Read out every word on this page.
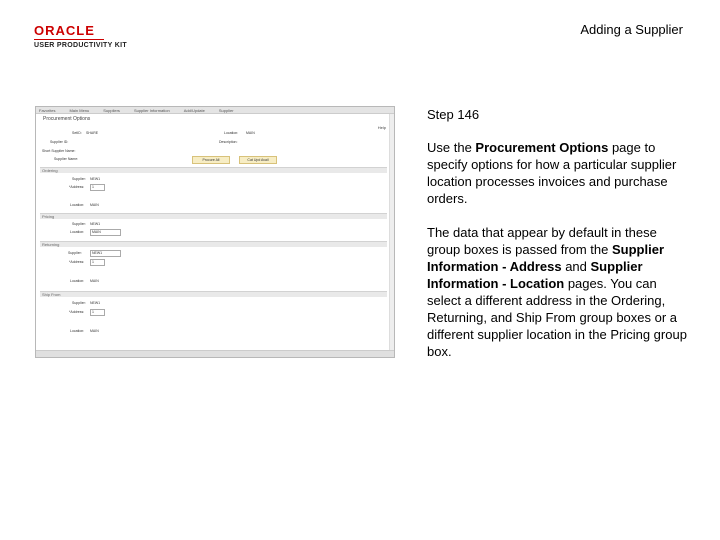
ORACLE
USER PRODUCTIVITY KIT
Adding a Supplier
Favorites	Main Menu	Suppliers	Supplier Information	Add/Update	Supplier
Procurement Options
Help
SetID: SHARE	Location: MAIN
Supplier ID:	Description:
Short Supplier Name:
Supplier Name:	Procure All	Cat Upd Avail
Ordering
Supplier: NEW1
*Address:	1
Location: MAIN
Pricing
Supplier: NEW1
Location:	MAIN
Returning
Supplier:	NEW1
*Address:	1
Location: MAIN
Ship From
Supplier: NEW1
*Address:	1
Location: MAIN
Step 146

Use the Procurement Options page to specify options for how a particular supplier location processes invoices and purchase orders.

The data that appear by default in these group boxes is passed from the Supplier Information - Address and Supplier Information - Location pages. You can select a different address in the Ordering, Returning, and Ship From group boxes or a different supplier location in the Pricing group box.
